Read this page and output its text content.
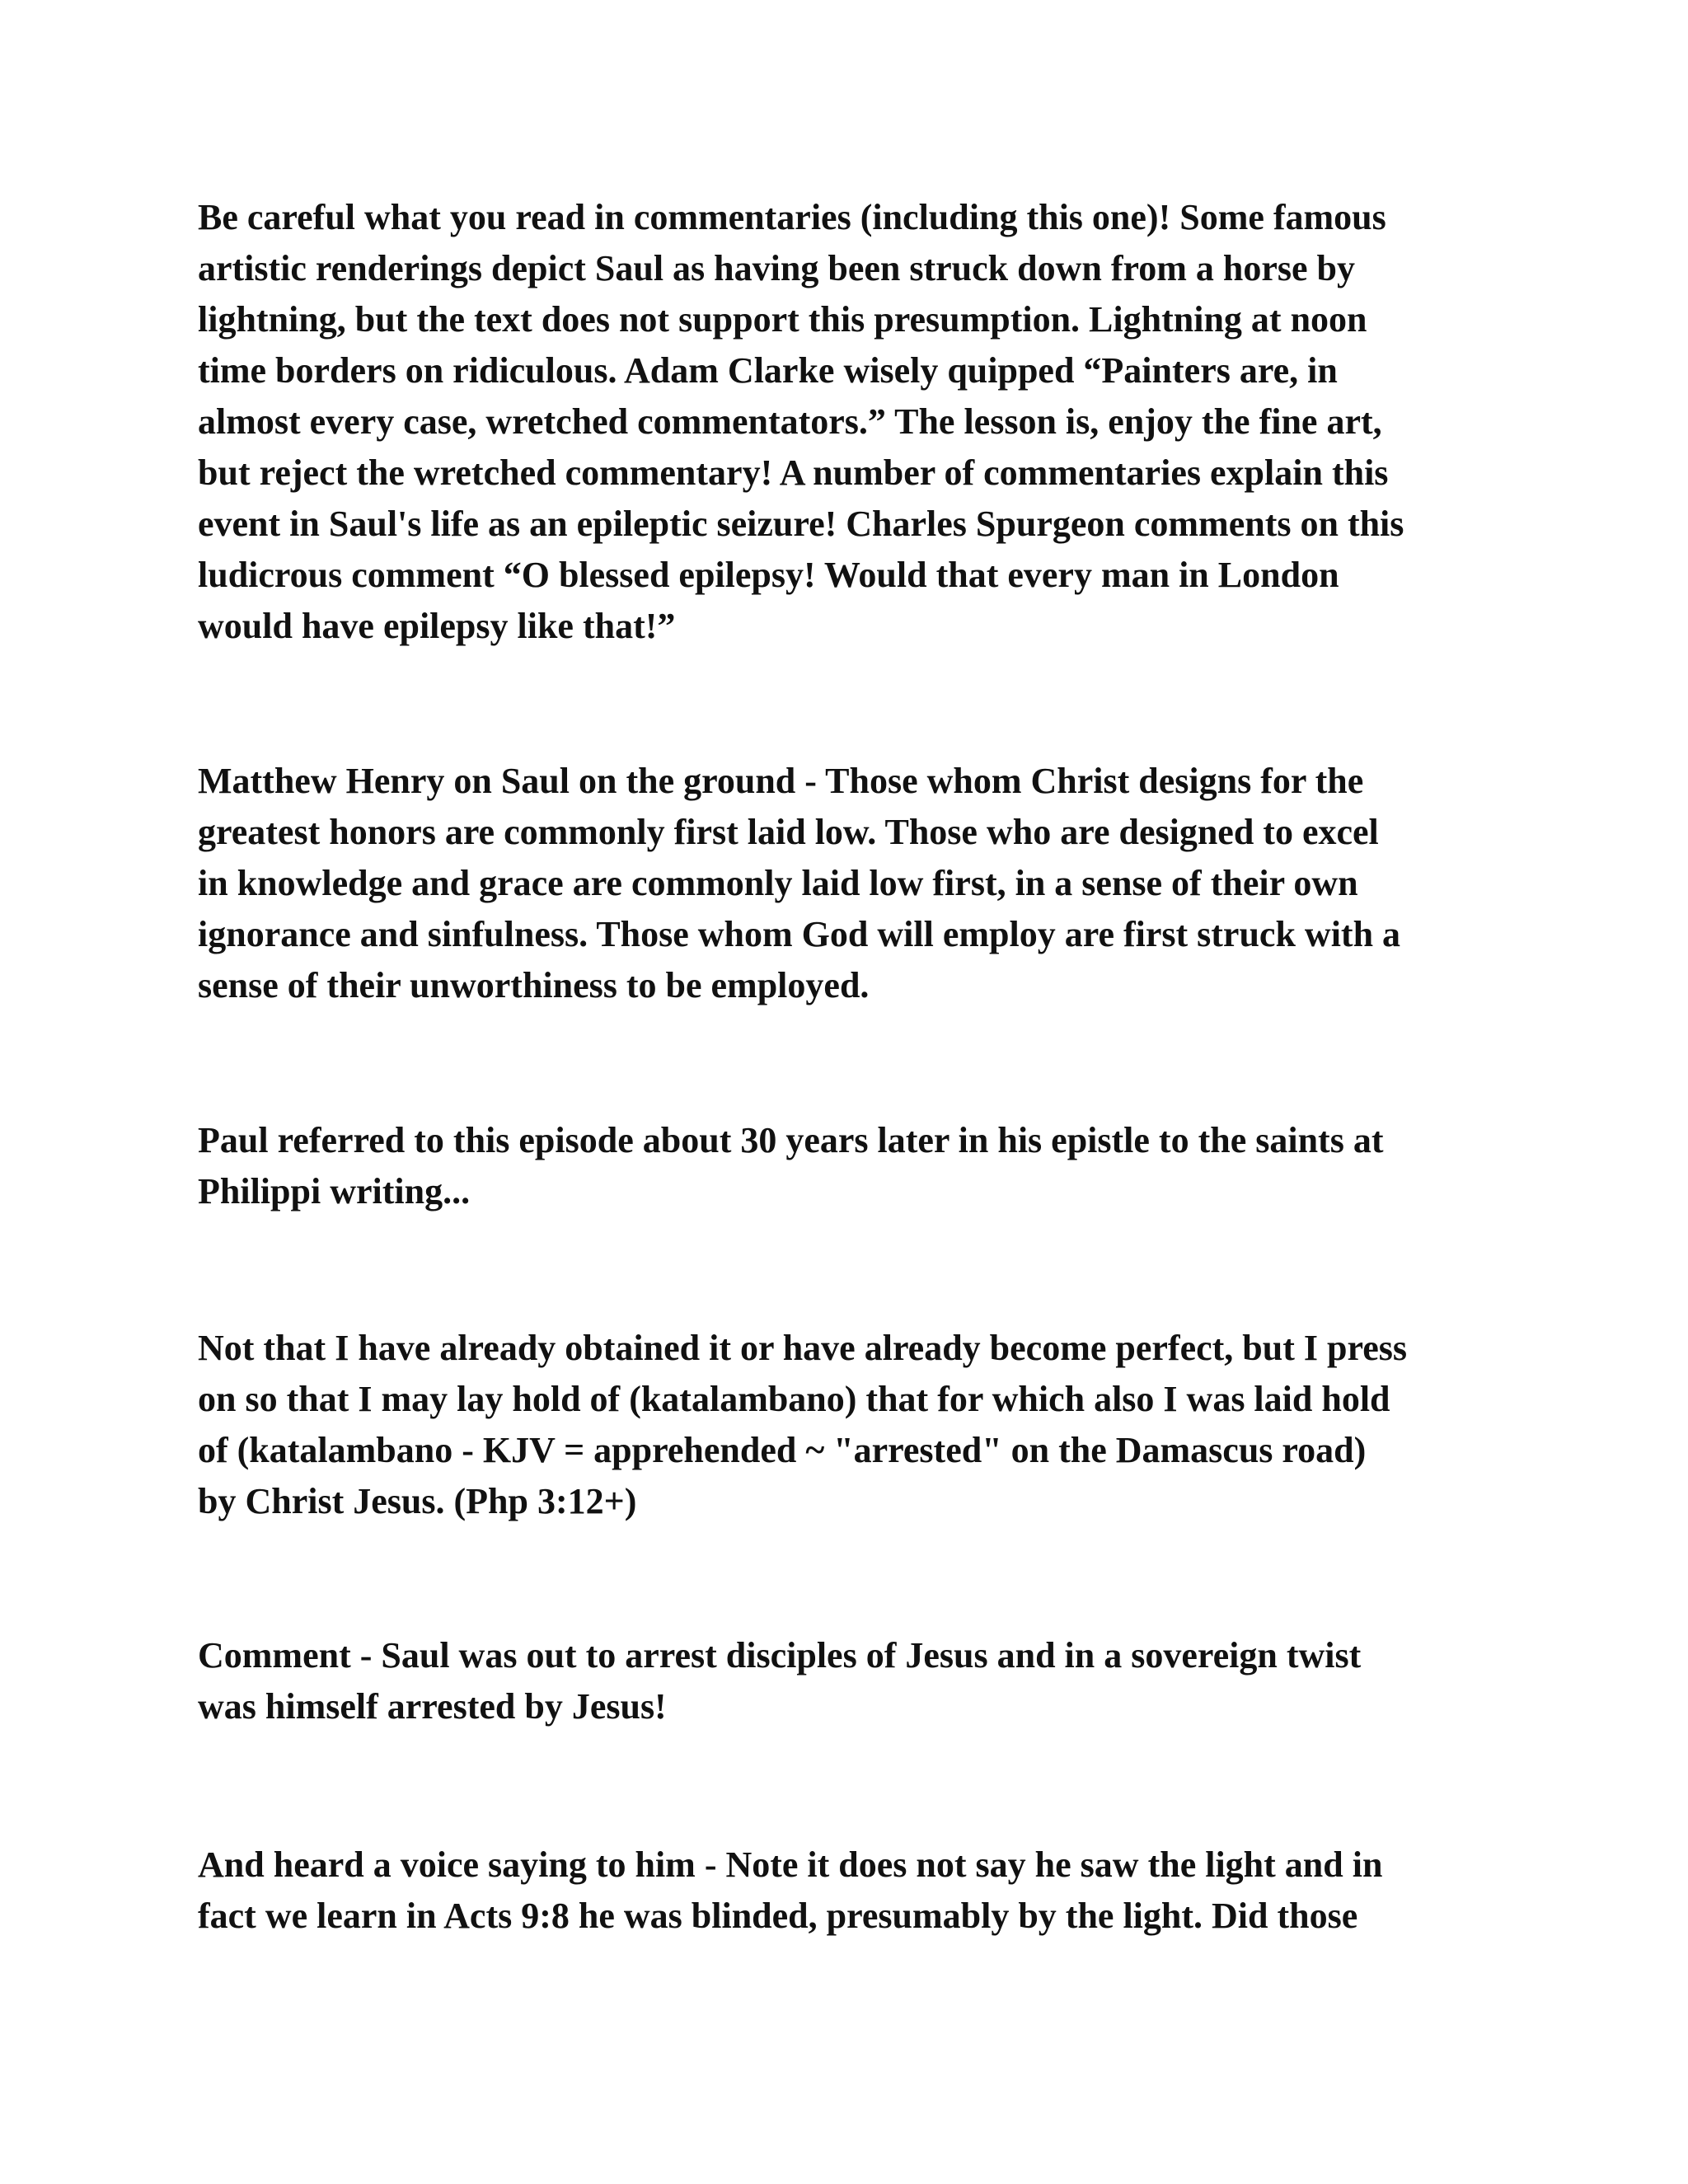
Be careful what you read in commentaries (including this one)! Some famous
artistic renderings depict Saul as having been struck down from a horse by
lightning, but the text does not support this presumption. Lightning at noon
time borders on ridiculous. Adam Clarke wisely quipped “Painters are, in
almost every case, wretched commentators.” The lesson is, enjoy the fine art,
but reject the wretched commentary! A number of commentaries explain this
event in Saul's life as an epileptic seizure! Charles Spurgeon comments on this
ludicrous comment “O blessed epilepsy! Would that every man in London
would have epilepsy like that!”

Matthew Henry on Saul on the ground - Those whom Christ designs for the
greatest honors are commonly first laid low. Those who are designed to excel
in knowledge and grace are commonly laid low first, in a sense of their own
ignorance and sinfulness. Those whom God will employ are first struck with a
sense of their unworthiness to be employed.

Paul referred to this episode about 30 years later in his epistle to the saints at
Philippi writing...

Not that I have already obtained it or have already become perfect, but I press
on so that I may lay hold of (katalambano) that for which also I was laid hold
of (katalambano - KJV = apprehended ~ "arrested" on the Damascus road)
by Christ Jesus. (Php 3:12+)

Comment - Saul was out to arrest disciples of Jesus and in a sovereign twist
was himself arrested by Jesus!

And heard a voice saying to him - Note it does not say he saw the light and in
fact we learn in Acts 9:8 he was blinded, presumably by the light. Did those
